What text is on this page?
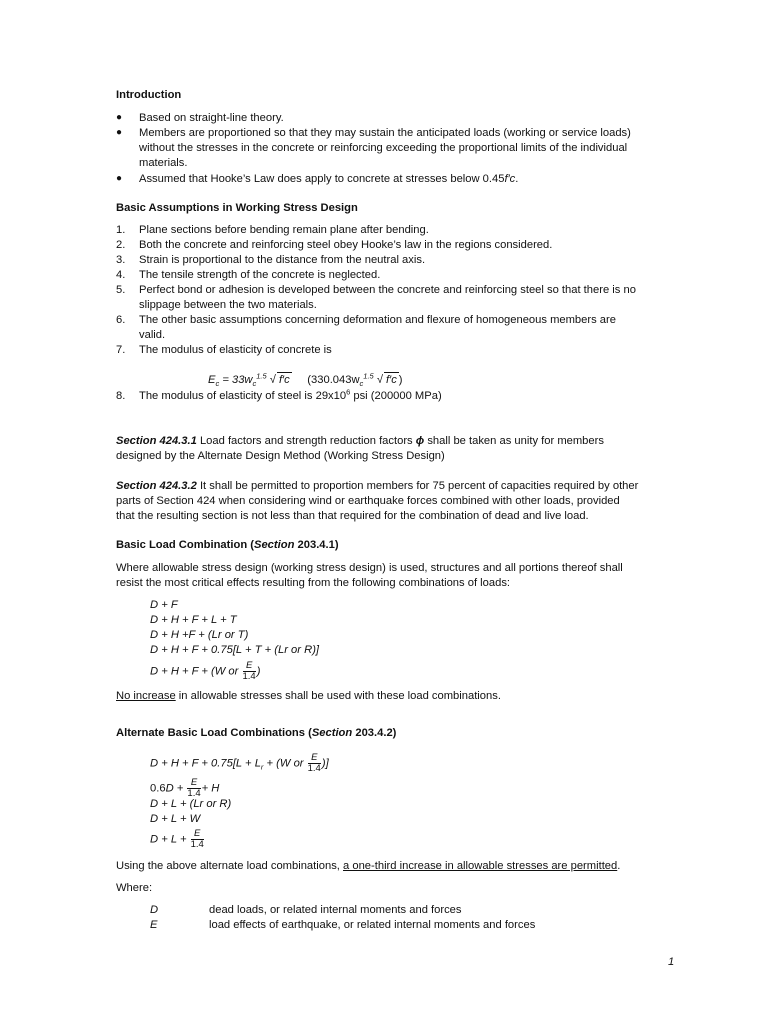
Introduction
● Based on straight-line theory.
● Members are proportioned so that they may sustain the anticipated loads (working or service loads)
without the stresses in the concrete or reinforcing exceeding the proportional limits of the individual
materials.
● Assumed that Hooke’s Law does apply to concrete at stresses below 0.45f′c.
Basic Assumptions in Working Stress Design
1. Plane sections before bending remain plane after bending.
2. Both the concrete and reinforcing steel obey Hooke’s law in the regions considered.
3. Strain is proportional to the distance from the neutral axis.
4. The tensile strength of the concrete is neglected.
5. Perfect bond or adhesion is developed between the concrete and reinforcing steel so that there is no
slippage between the two materials.
6. The other basic assumptions concerning deformation and flexure of homogeneous members are
valid.
7. The modulus of elasticity of concrete is
$E_c = 33w_c^{1.5}$ √ f′c ($330.043w_c^{1.5}$ √ f′c )
8. The modulus of elasticity of steel is $29x10^6$ psi (200000 MPa)
Section 424.3.1 Load factors and strength reduction factors ϕ shall be taken as unity for members
designed by the Alternate Design Method (Working Stress Design)
Section 424.3.2 It shall be permitted to proportion members for 75 percent of capacities required by other
parts of Section 424 when considering wind or earthquake forces combined with other loads, provided
that the resulting section is not less than that required for the combination of dead and live load.
Basic Load Combination (Section 203.4.1)
Where allowable stress design (working stress design) is used, structures and all portions thereof shall
resist the most critical effects resulting from the following combinations of loads:
D + F
D + H + F + L + T
D + H +F + (Lr or T)
D + H + F + 0.75[L + T + (Lr or R)]
D + H + F + (W or $\frac{E}{1.4}$ )
No increase in allowable stresses shall be used with these load combinations.
Alternate Basic Load Combinations (Section 203.4.2)
$D + H + F + 0.75[L + L_r + (W$ or $\frac{E}{1.4}$ )]
$0.6D + \frac{E}{1.4} + H$
D + L + (Lr or R)
D + L + W
$D + L + \frac{E}{1.4}$
Using the above alternate load combinations, a one-third increase in allowable stresses are permitted.
Where:
D	dead loads, or related internal moments and forces
E	load effects of earthquake, or related internal moments and forces
1
